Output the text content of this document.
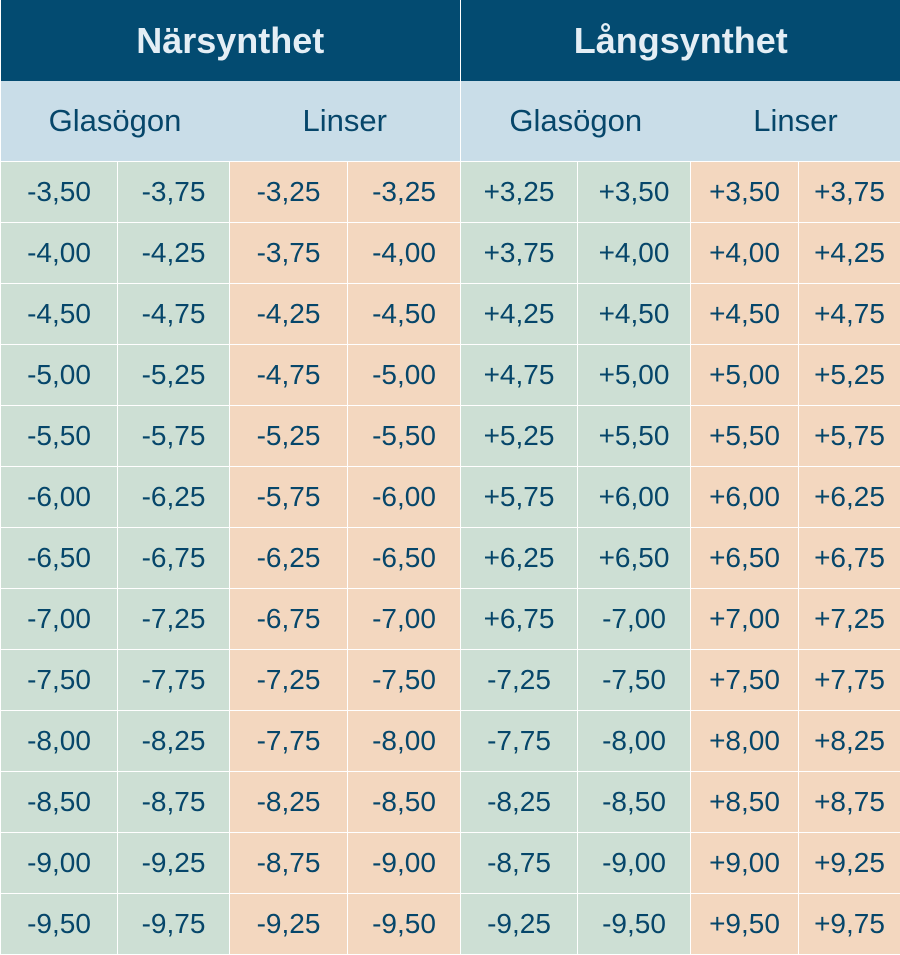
Närsynthet				Långsynthet			
Glasögon		Linser		Glasögon		Linser	
-3,50	-3,75	-3,25	-3,25	+3,25	+3,50	+3,50	+3,75
-4,00	-4,25	-3,75	-4,00	+3,75	+4,00	+4,00	+4,25
-4,50	-4,75	-4,25	-4,50	+4,25	+4,50	+4,50	+4,75
-5,00	-5,25	-4,75	-5,00	+4,75	+5,00	+5,00	+5,25
-5,50	-5,75	-5,25	-5,50	+5,25	+5,50	+5,50	+5,75
-6,00	-6,25	-5,75	-6,00	+5,75	+6,00	+6,00	+6,25
-6,50	-6,75	-6,25	-6,50	+6,25	+6,50	+6,50	+6,75
-7,00	-7,25	-6,75	-7,00	+6,75	-7,00	+7,00	+7,25
-7,50	-7,75	-7,25	-7,50	-7,25	-7,50	+7,50	+7,75
-8,00	-8,25	-7,75	-8,00	-7,75	-8,00	+8,00	+8,25
-8,50	-8,75	-8,25	-8,50	-8,25	-8,50	+8,50	+8,75
-9,00	-9,25	-8,75	-9,00	-8,75	-9,00	+9,00	+9,25
-9,50	-9,75	-9,25	-9,50	-9,25	-9,50	+9,50	+9,75
